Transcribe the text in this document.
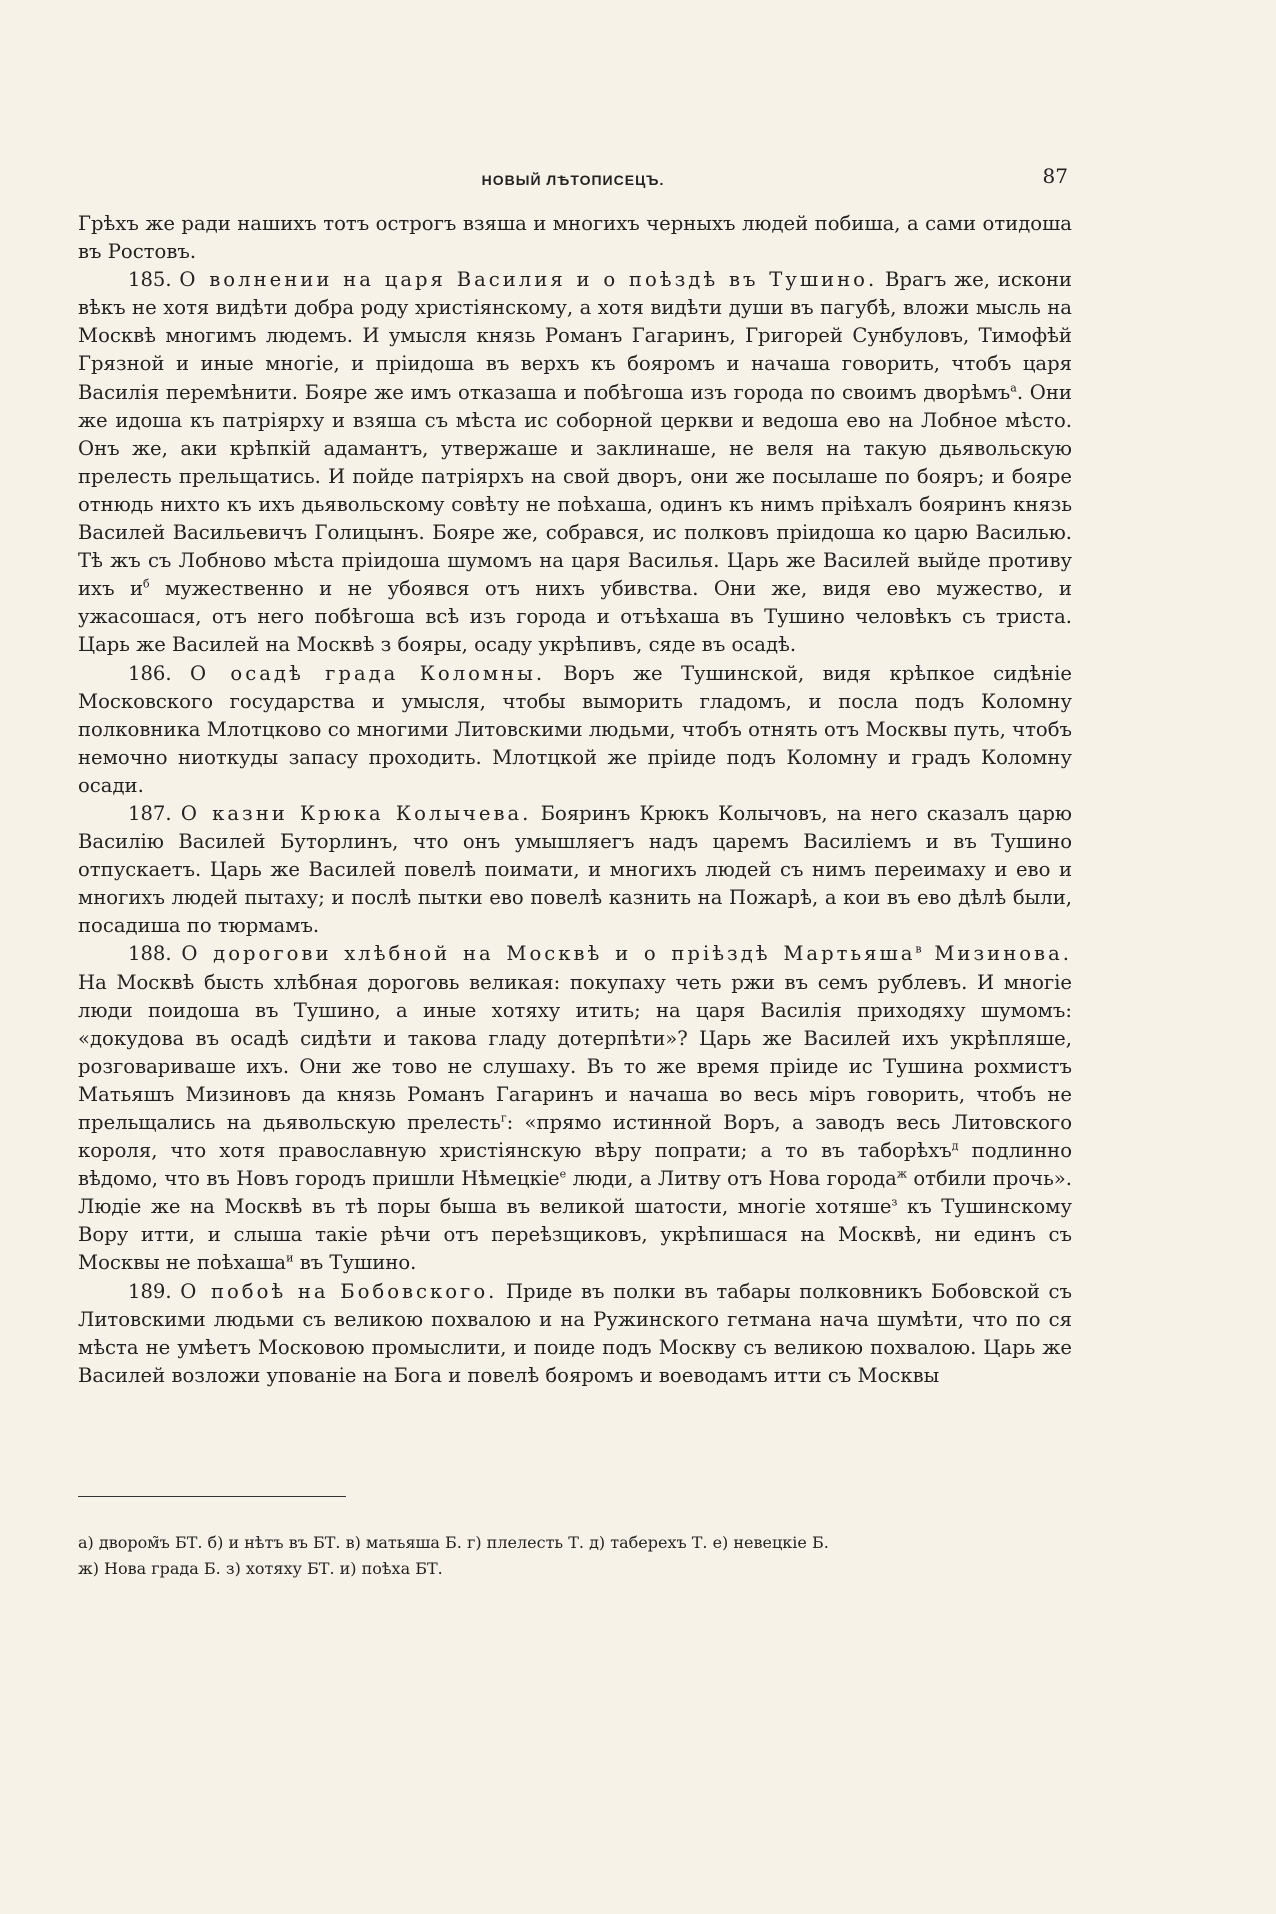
НОВЫЙ ЛѢТОПИСЕЦЪ.	87

Грѣхъ же ради нашихъ тотъ острогъ взяша и многихъ черныхъ людей побиша, а сами отидоша въ Ростовъ.

185. О волнении на царя Василия и о поѣздѣ въ Тушино. Врагъ же, искони вѣкъ не хотя видѣти добра роду христіянскому, а хотя видѣти души въ пагубѣ, вложи мысль на Москвѣ многимъ людемъ. И умысля князь Романъ Гагаринъ, Григорей Сунбуловъ, Тимофѣй Грязной и иные многіе, и пріидоша въ верхъ къ бояромъ и начаша говорить, чтобъ царя Василія перемѣнити. Бояре же имъ отказаша и побѣгоша изъ города по своимъ дворѣмъ$^а$. Они же идоша къ патріярху и взяша съ мѣста ис соборной церкви и ведоша ево на Лобное мѣсто. Онъ же, аки крѣпкій адамантъ, утвержаше и заклинаше, не веля на такую дьявольскую прелесть прельщатись. И пойде патріярхъ на свой дворъ, они же посылаше по бояръ; и бояре отнюдь нихто къ ихъ дьявольскому совѣту не поѣхаша, одинъ къ нимъ пріѣхалъ бояринъ князь Василей Васильевичъ Голицынъ. Бояре же, собрався, ис полковъ пріидоша ко царю Василью. Тѣ жъ съ Лобново мѣста пріидоша шумомъ на царя Василья. Царь же Василей выйде противу ихъ $и^б$ мужественно и не убоявся отъ нихъ убивства. Они же, видя ево мужество, и ужасошася, отъ него побѣгоша всѣ изъ города и отъѣхаша въ Тушино человѣкъ съ триста. Царь же Василей на Москвѣ з бояры, осаду укрѣпивъ, сяде въ осадѣ.

186. О осадѣ града Коломны. Воръ же Тушинской, видя крѣпкое сидѣніе Московского государства и умысля, чтобы выморить гладомъ, и посла подъ Коломну полковника Млотцково со многими Литовскими людьми, чтобъ отнять отъ Москвы путь, чтобъ немочно ниоткуды запасу проходить. Млотцкой же пріиде подъ Коломну и градъ Коломну осади.

187. О казни Крюка Колычева. Бояринъ Крюкъ Колычовъ, на него сказалъ царю Василію Василей Буторлинъ, что онъ умышляегъ надъ царемъ Василіемъ и въ Тушино отпускаетъ. Царь же Василей повелѣ поимати, и многихъ людей съ нимъ переимаху и ево и многихъ людей пытаху; и послѣ пытки ево повелѣ казнить на Пожарѣ, а кои въ ево дѣлѣ были, посадиша по тюрмамъ.

188. О дорогови хлѣбной на Москвѣ и о пріѣздѣ Мартьяша$^в$ Мизинова. На Москвѣ бысть хлѣбная дороговь великая: покупаху четь ржи въ семъ рублевъ. И многіе люди поидоша въ Тушино, а иные хотяху итить; на царя Василія приходяху шумомъ: «докудова въ осадѣ сидѣти и такова гладу дотерпѣти»? Царь же Василей ихъ укрѣпляше, розговариваше ихъ. Они же тово не слушаху. Въ то же время пріиде ис Тушина рохмистъ Матьяшъ Мизиновъ да князь Романъ Гагаринъ и начаша во весь міръ говорить, чтобъ не прельщались на дьявольскую прелесть$^г$: «прямо истинной Воръ, а заводъ весь Литовского короля, что хотя православную христіянскую вѣру попрати; а то въ таборѣхъ$^д$ подлинно вѣдомо, что въ Новъ городъ пришли Нѣмецкіе$^е$ люди, а Литву отъ Нова города$^ж$ отбили прочь». Людіе же на Москвѣ въ тѣ поры быша въ великой шатости, многіе хотяше$^з$ къ Тушинскому Вору итти, и слыша такіе рѣчи отъ переѣзщиковъ, укрѣпишася на Москвѣ, ни единъ съ Москвы не поѣхаша$^и$ въ Тушино.

189. О побоѣ на Бобовского. Приде въ полки въ табары полковникъ Бобовской съ Литовскими людьми съ великою похвалою и на Ружинского гетмана нача шумѣти, что по ся мѣста не умѣетъ Московою промыслити, и поиде подъ Москву съ великою похвалою. Царь же Василей возложи упованіе на Бога и повелѣ бояромъ и воеводамъ итти съ Москвы

а) двором̃ъ БТ. б) и нѣтъ въ БТ. в) матьяша Б. г) плелесть Т. д) таберехъ Т. е) невецкіе Б.
ж) Нова града Б. з) хотяху БТ. и) поѣха БТ.
